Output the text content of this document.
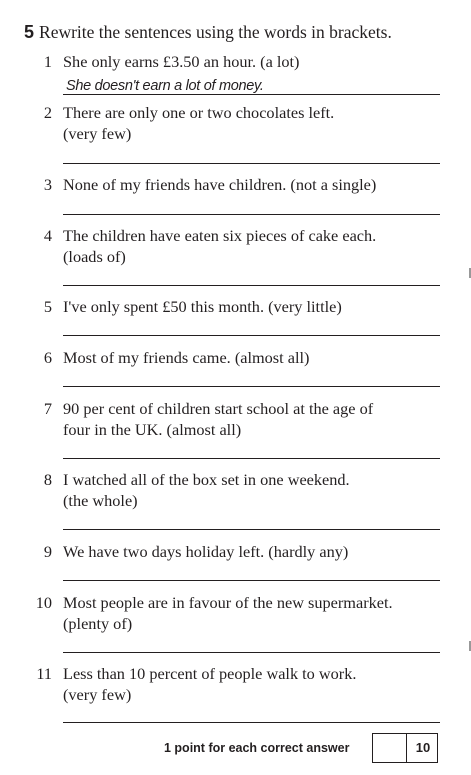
5 Rewrite the sentences using the words in brackets.
1 She only earns £3.50 an hour. (a lot)
She doesn't earn a lot of money.
2 There are only one or two chocolates left.
(very few)
3 None of my friends have children. (not a single)
4 The children have eaten six pieces of cake each.
(loads of)
5 I've only spent £50 this month. (very little)
6 Most of my friends came. (almost all)
7 90 per cent of children start school at the age of
four in the UK. (almost all)
8 I watched all of the box set in one weekend.
(the whole)
9 We have two days holiday left. (hardly any)
10 Most people are in favour of the new supermarket.
(plenty of)
11 Less than 10 percent of people walk to work.
(very few)
1 point for each correct answer	10
